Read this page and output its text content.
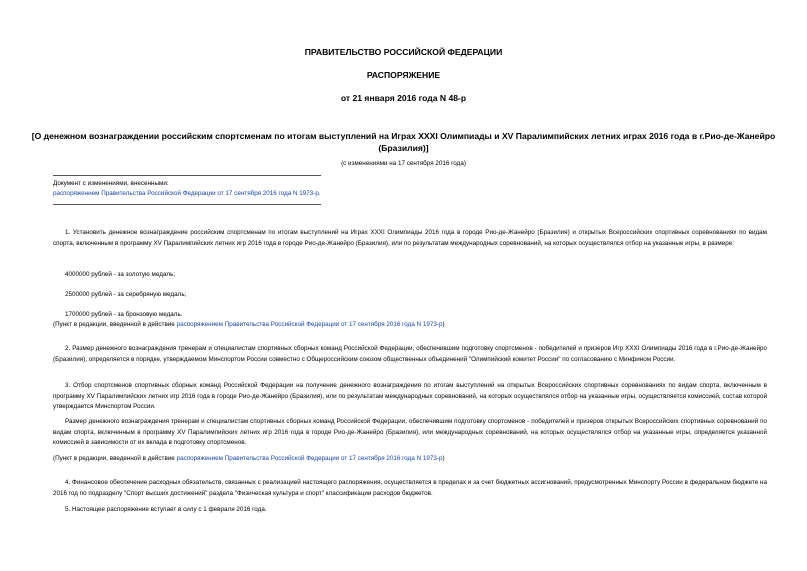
ПРАВИТЕЛЬСТВО РОССИЙСКОЙ ФЕДЕРАЦИИ
РАСПОРЯЖЕНИЕ
от 21 января 2016 года N 48-р
[О денежном вознаграждении российским спортсменам по итогам выступлений на Играх XXXI Олимпиады и XV Паралимпийских летних играх 2016 года в г.Рио-де-Жанейро (Бразилия)]
(с изменениями на 17 сентября 2016 года)
Документ с изменениями, внесенными:
распоряжением Правительства Российской Федерации от 17 сентября 2016 года N 1973-р.

1. Установить денежное вознаграждение российским спортсменам по итогам выступлений на Играх XXXI Олимпиады 2016 года в городе Рио-де-Жанейро (Бразилия) и открытых Всероссийских спортивных соревнованиях по видам спорта, включенным в программу XV Паралимпийских летних игр 2016 года в городе Рио-де-Жанейро (Бразилия), или по результатам международных соревнований, на которых осуществлялся отбор на указанные игры, в размере:

4000000 рублей - за золотую медаль;
2500000 рублей - за серебряную медаль;
1700000 рублей - за бронзовую медаль.
(Пункт в редакции, введенной в действие распоряжением Правительства Российской Федерации от 17 сентября 2016 года N 1973-р)

2. Размер денежного вознаграждения тренерам и специалистам спортивных сборных команд Российской Федерации, обеспечившим подготовку спортсменов - победителей и призеров Игр XXXI Олимпиады 2016 года в г.Рио-де-Жанейро (Бразилия), определяется в порядке, утверждаемом Минспортом России совместно с Общероссийским союзом общественных объединений "Олимпийский комитет России" по согласованию с Минфином России.

3. Отбор спортсменов спортивных сборных команд Российской Федерации на получение денежного вознаграждения по итогам выступлений на открытых Всероссийских спортивных соревнованиях по видам спорта, включенным в программу XV Паралимпийских летних игр 2016 года в городе Рио-де-Жанейро (Бразилия), или по результатам международных соревнований, на которых осуществлялся отбор на указанные игры, осуществляется комиссией, состав которой утверждается Минспортом России.

Размер денежного вознаграждения тренерам и специалистам спортивных сборных команд Российской Федерации, обеспечившим подготовку спортсменов - победителей и призеров открытых Всероссийских спортивных соревнований по видам спорта, включенным в программу XV Паралимпийских летних игр 2016 года в городе Рио-де-Жанейро (Бразилия), или международных соревнований, на которых осуществлялся отбор на указанные игры, определяется указанной комиссией в зависимости от их вклада в подготовку спортсменов.

(Пункт в редакции, введенной в действие распоряжением Правительства Российской Федерации от 17 сентября 2016 года N 1973-р)

4. Финансовое обеспечение расходных обязательств, связанных с реализацией настоящего распоряжения, осуществляется в пределах и за счет бюджетных ассигнований, предусмотренных Минспорту России в федеральном бюджете на 2016 год по подразделу "Спорт высших достижений" раздела "Физическая культура и спорт" классификации расходов бюджетов.

5. Настоящее распоряжение вступает в силу с 1 февраля 2016 года.
